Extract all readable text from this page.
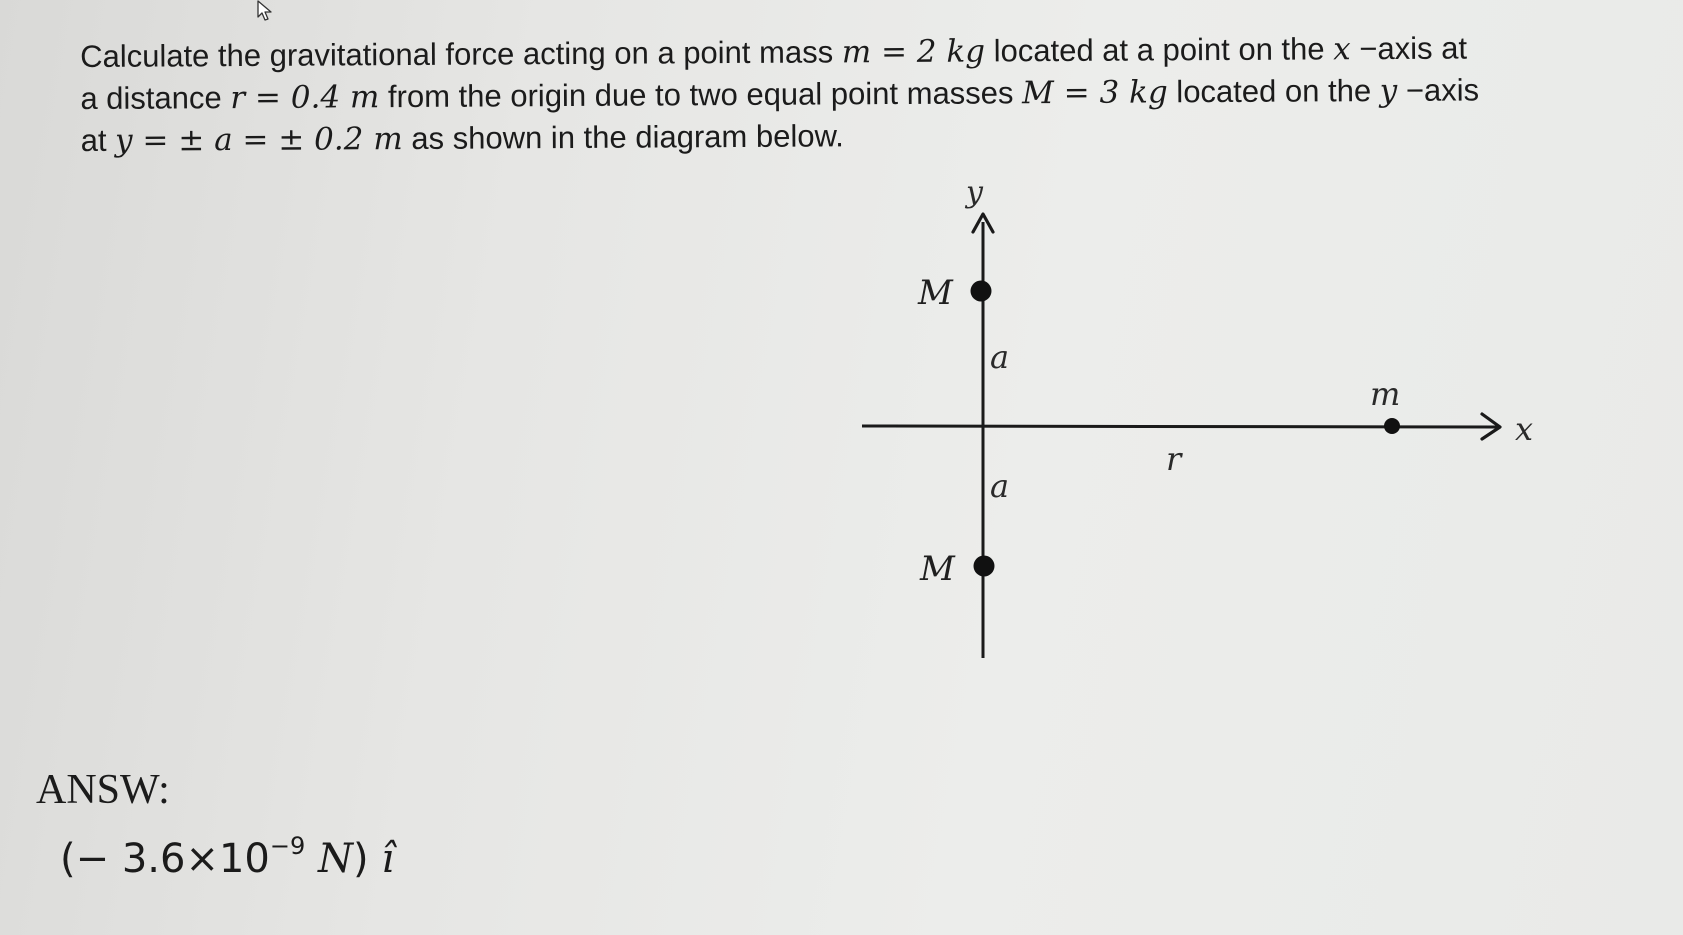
Calculate the gravitational force acting on a point mass m = 2 kg located at a point on the x −axis at
a distance r = 0.4 m from the origin due to two equal point masses M = 3 kg located on the y −axis
at y = ± a = ± 0.2 m as shown in the diagram below.
y
x
M
M
a
a
r
m
ANSW:
(− $3.6\times 10^{-9}$ N) î
